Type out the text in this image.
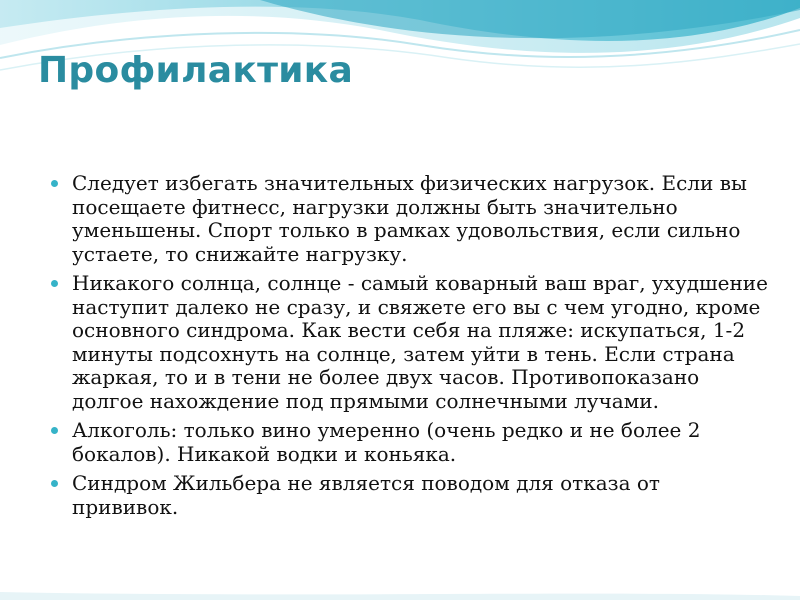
Профилактика
Следует избегать значительных физических нагрузок. Если вы посещаете фитнесс, нагрузки должны быть значительно уменьшены. Спорт только в рамках удовольствия, если сильно устаете, то снижайте нагрузку.
Никакого солнца, солнце - самый коварный ваш враг, ухудшение наступит далеко не сразу, и свяжете его вы с чем угодно, кроме основного синдрома. Как вести себя на пляже: искупаться, 1-2 минуты подсохнуть на солнце, затем уйти в тень. Если страна жаркая, то и в тени не более двух часов. Противопоказано долгое нахождение под прямыми солнечными лучами.
Алкоголь: только вино умеренно (очень редко и не более 2 бокалов). Никакой водки и коньяка.
Синдром Жильбера не является поводом для отказа от прививок.
